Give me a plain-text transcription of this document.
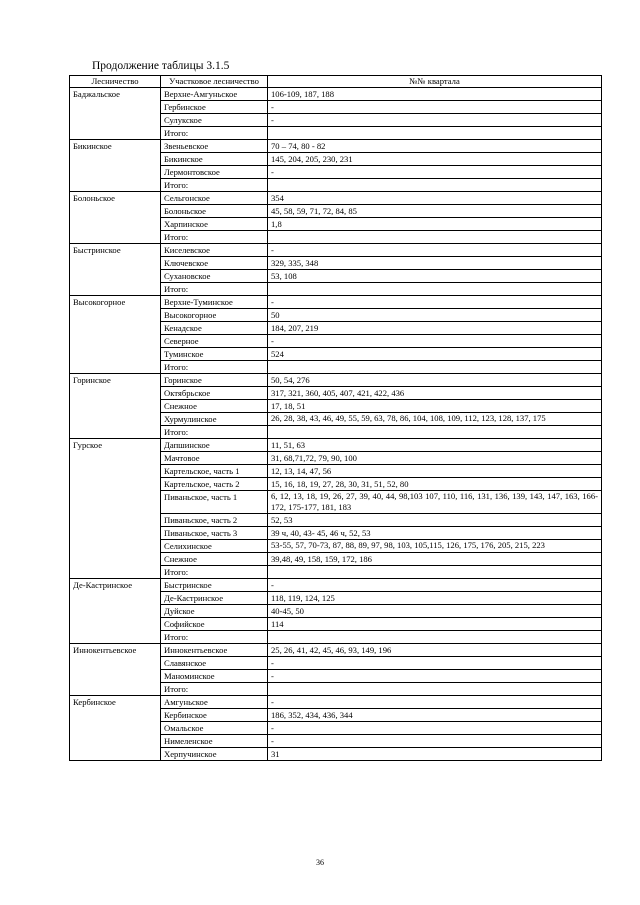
Продолжение таблицы 3.1.5
Лесничество	Участковое лесничество	№№ квартала
Баджальское	Верхне-Амгуньское	106-109, 187, 188
	Гербинское	-
	Сулукское	-
	Итого:	
Бикинское	Звеньевское	70 – 74, 80 - 82
	Бикинское	145, 204, 205, 230, 231
	Лермонтовское	-
	Итого:	
Болоньское	Сельгонское	354
	Болоньское	45, 58, 59, 71, 72, 84, 85
	Харпинское	1,8
	Итого:	
Быстринское	Киселевское	-
	Ключевское	329, 335, 348
	Сухановское	53, 108
	Итого:	
Высокогорное	Верхне-Туминское	-
	Высокогорное	50
	Кенадское	184, 207, 219
	Северное	-
	Туминское	524
	Итого:	
Горинское	Горинское	50, 54, 276
	Октябрьское	317, 321, 360, 405, 407, 421, 422, 436
	Снежное	17, 18, 51
	Хурмулинское	26, 28, 38, 43, 46, 49, 55, 59, 63, 78, 86, 104, 108, 109, 112, 123, 128, 137, 175
	Итого:	
Гурское	Дапшинское	11, 51, 63
	Мачтовое	31, 68,71,72, 79, 90, 100
	Картельское, часть 1	12, 13, 14, 47, 56
	Картельское, часть 2	15, 16, 18, 19, 27, 28, 30, 31, 51, 52, 80
	Пиваньское, часть 1	6, 12, 13, 18, 19, 26, 27, 39, 40, 44, 98,103 107, 110, 116, 131, 136, 139, 143, 147, 163, 166-172, 175-177, 181, 183
	Пиваньское, часть 2	52, 53
	Пиваньское, часть 3	39 ч, 40, 43- 45, 46 ч, 52, 53
	Селихинское	53-55, 57, 70-73, 87, 88, 89, 97, 98, 103, 105,115, 126, 175, 176, 205, 215, 223
	Снежное	39,48, 49, 158, 159, 172, 186
	Итого:	
Де-Кастринское	Быстринское	-
	Де-Кастринское	118, 119, 124, 125
	Дуйское	40-45, 50
	Софийское	114
	Итого:	
Иннокентьевское	Иннокентьевское	25, 26, 41, 42, 45, 46, 93, 149, 196
	Славянское	-
	Маноминское	-
	Итого:	
Кербинское	Амгуньское	-
	Кербинское	186, 352, 434, 436, 344
	Омальское	-
	Нимеленское	-
	Херпучинское	31
36
